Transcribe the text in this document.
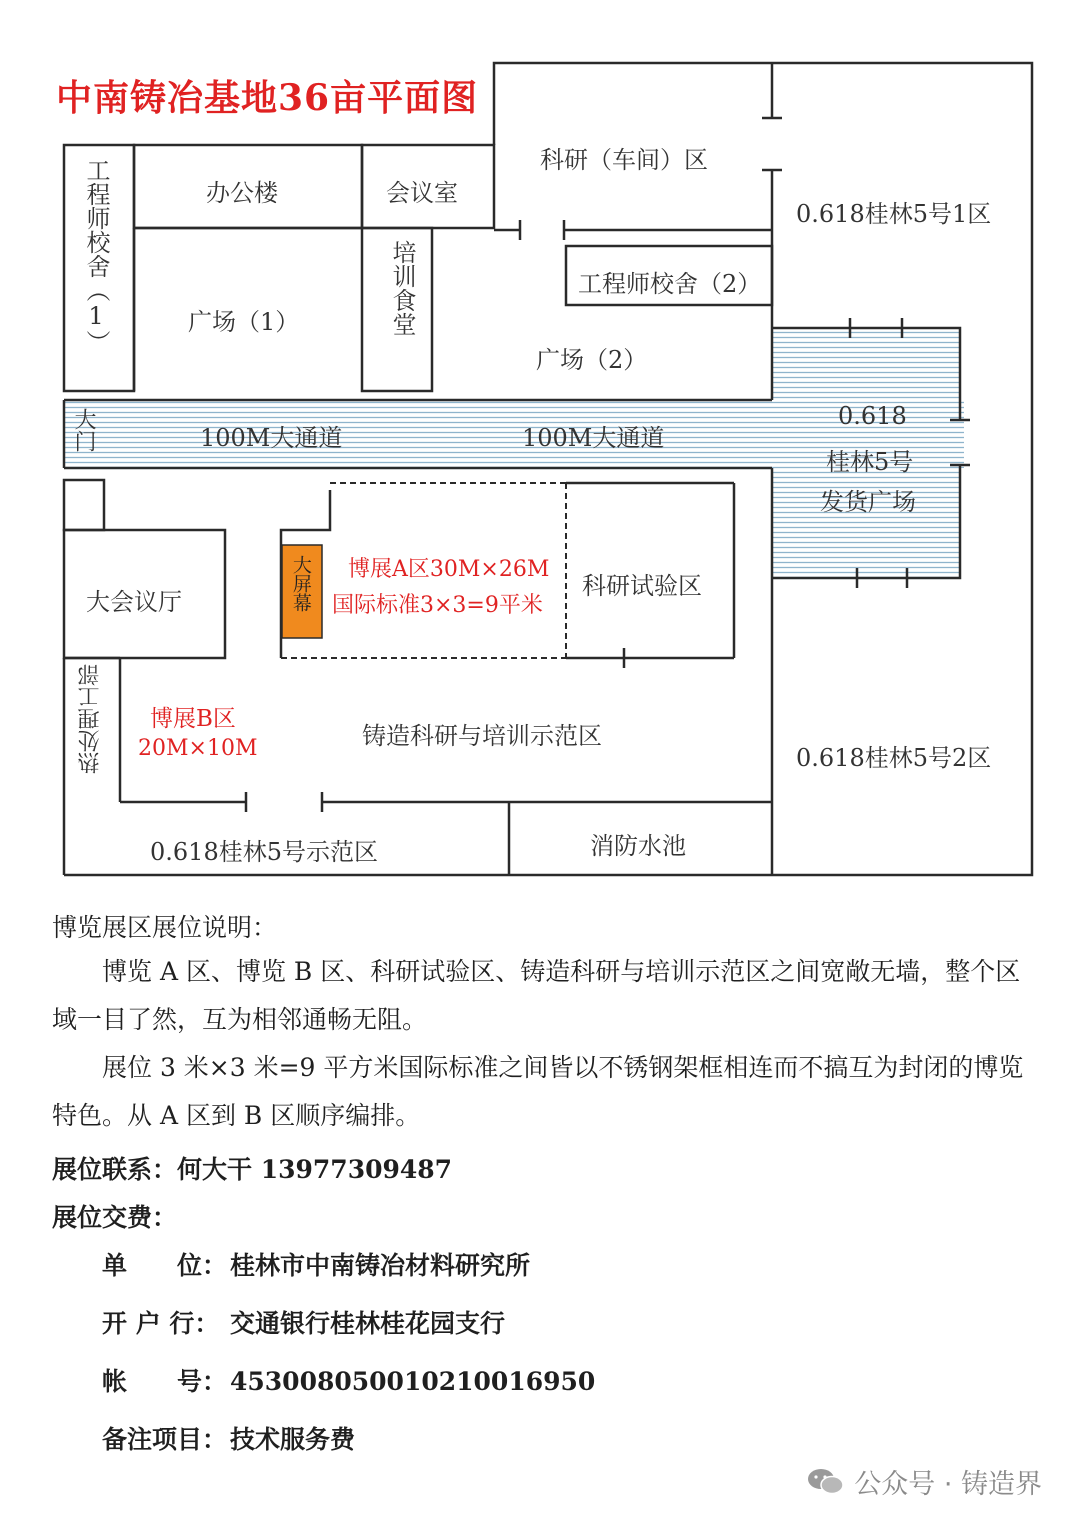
中南铸冶基地36亩平面图
工程师校舍（1）	办公楼	会议室
培训食堂
广场（1）
科研（车间）区
工程师校舍（2）
广场（2）
0.618桂林5号1区
大门	100M大通道	100M大通道
0.618
桂林5号
发货广场
大会议厅	大屏幕 博展A区30M×26M
国际标准3×3=9平米
科研试验区
热处理工部 博展B区
20M×10M	铸造科研与培训示范区
0.618桂林5号2区
0.618桂林5号示范区	消防水池
博览展区展位说明：
博览 A 区、博览 B 区、科研试验区、铸造科研与培训示范区之间宽敞无墙，整个区域一目了然，互为相邻通畅无阻。
展位 3 米×3 米=9 平方米国际标准之间皆以不锈钢架框相连而不搞互为封闭的博览特色。从 A 区到 B 区顺序编排。
展位联系：何大干 13977309487
展位交费：
单　　位： 桂林市中南铸冶材料研究所
开 户 行： 交通银行桂林桂花园支行
帐　　号： 453008050010210016950
备注项目： 技术服务费
公众号 · 铸造界
